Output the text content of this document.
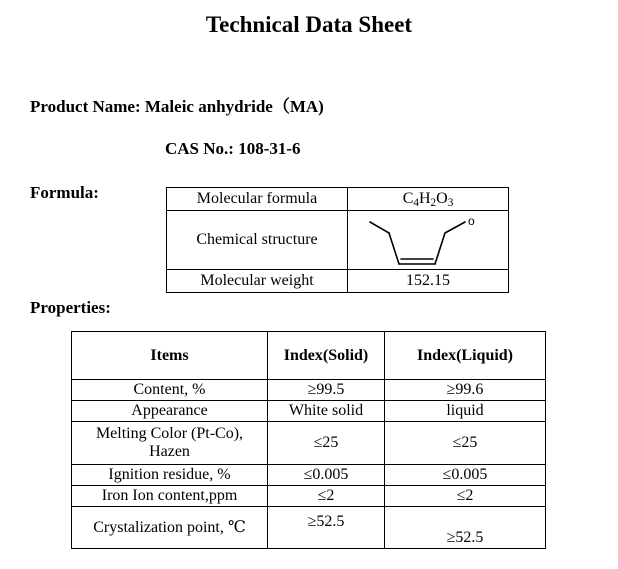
Technical Data Sheet
Product Name: Maleic anhydride（MA)
CAS No.: 108-31-6
Formula:	Molecular formula	$C_4H_2O_3$
Chemical structure	o

Molecular weight	152.15
Properties:
Items	Index(Solid)	Index(Liquid)
Content, %	≥99.5	≥99.6
Appearance	White solid	liquid
Melting Color (Pt-Co), Hazen	≤25	≤25
Ignition residue, %	≤0.005	≤0.005
Iron Ion content,ppm	≤2	≤2
Crystalization point, ℃	≥52.5	≥52.5
